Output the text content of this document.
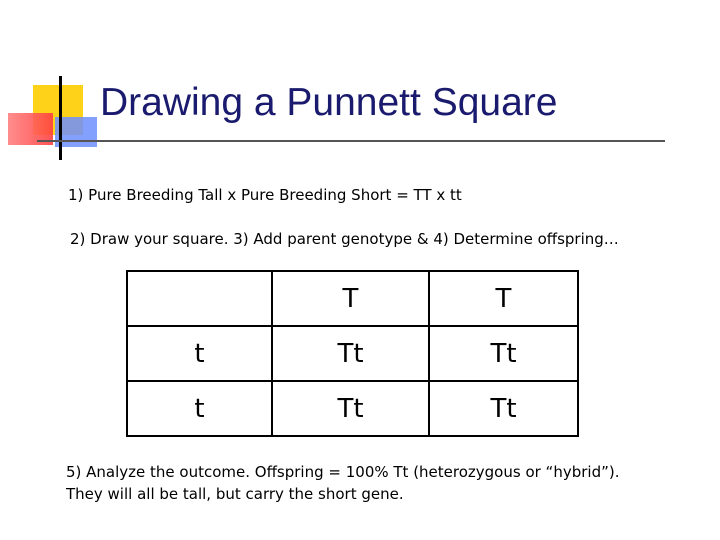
Drawing a Punnett Square
1) Pure Breeding Tall x Pure Breeding Short = TT x tt
2) Draw your square. 3) Add parent genotype & 4) Determine offspring…
	T	T
t	Tt	Tt
t	Tt	Tt
5) Analyze the outcome. Offspring = 100% Tt (heterozygous or “hybrid”).
They will all be tall, but carry the short gene.
